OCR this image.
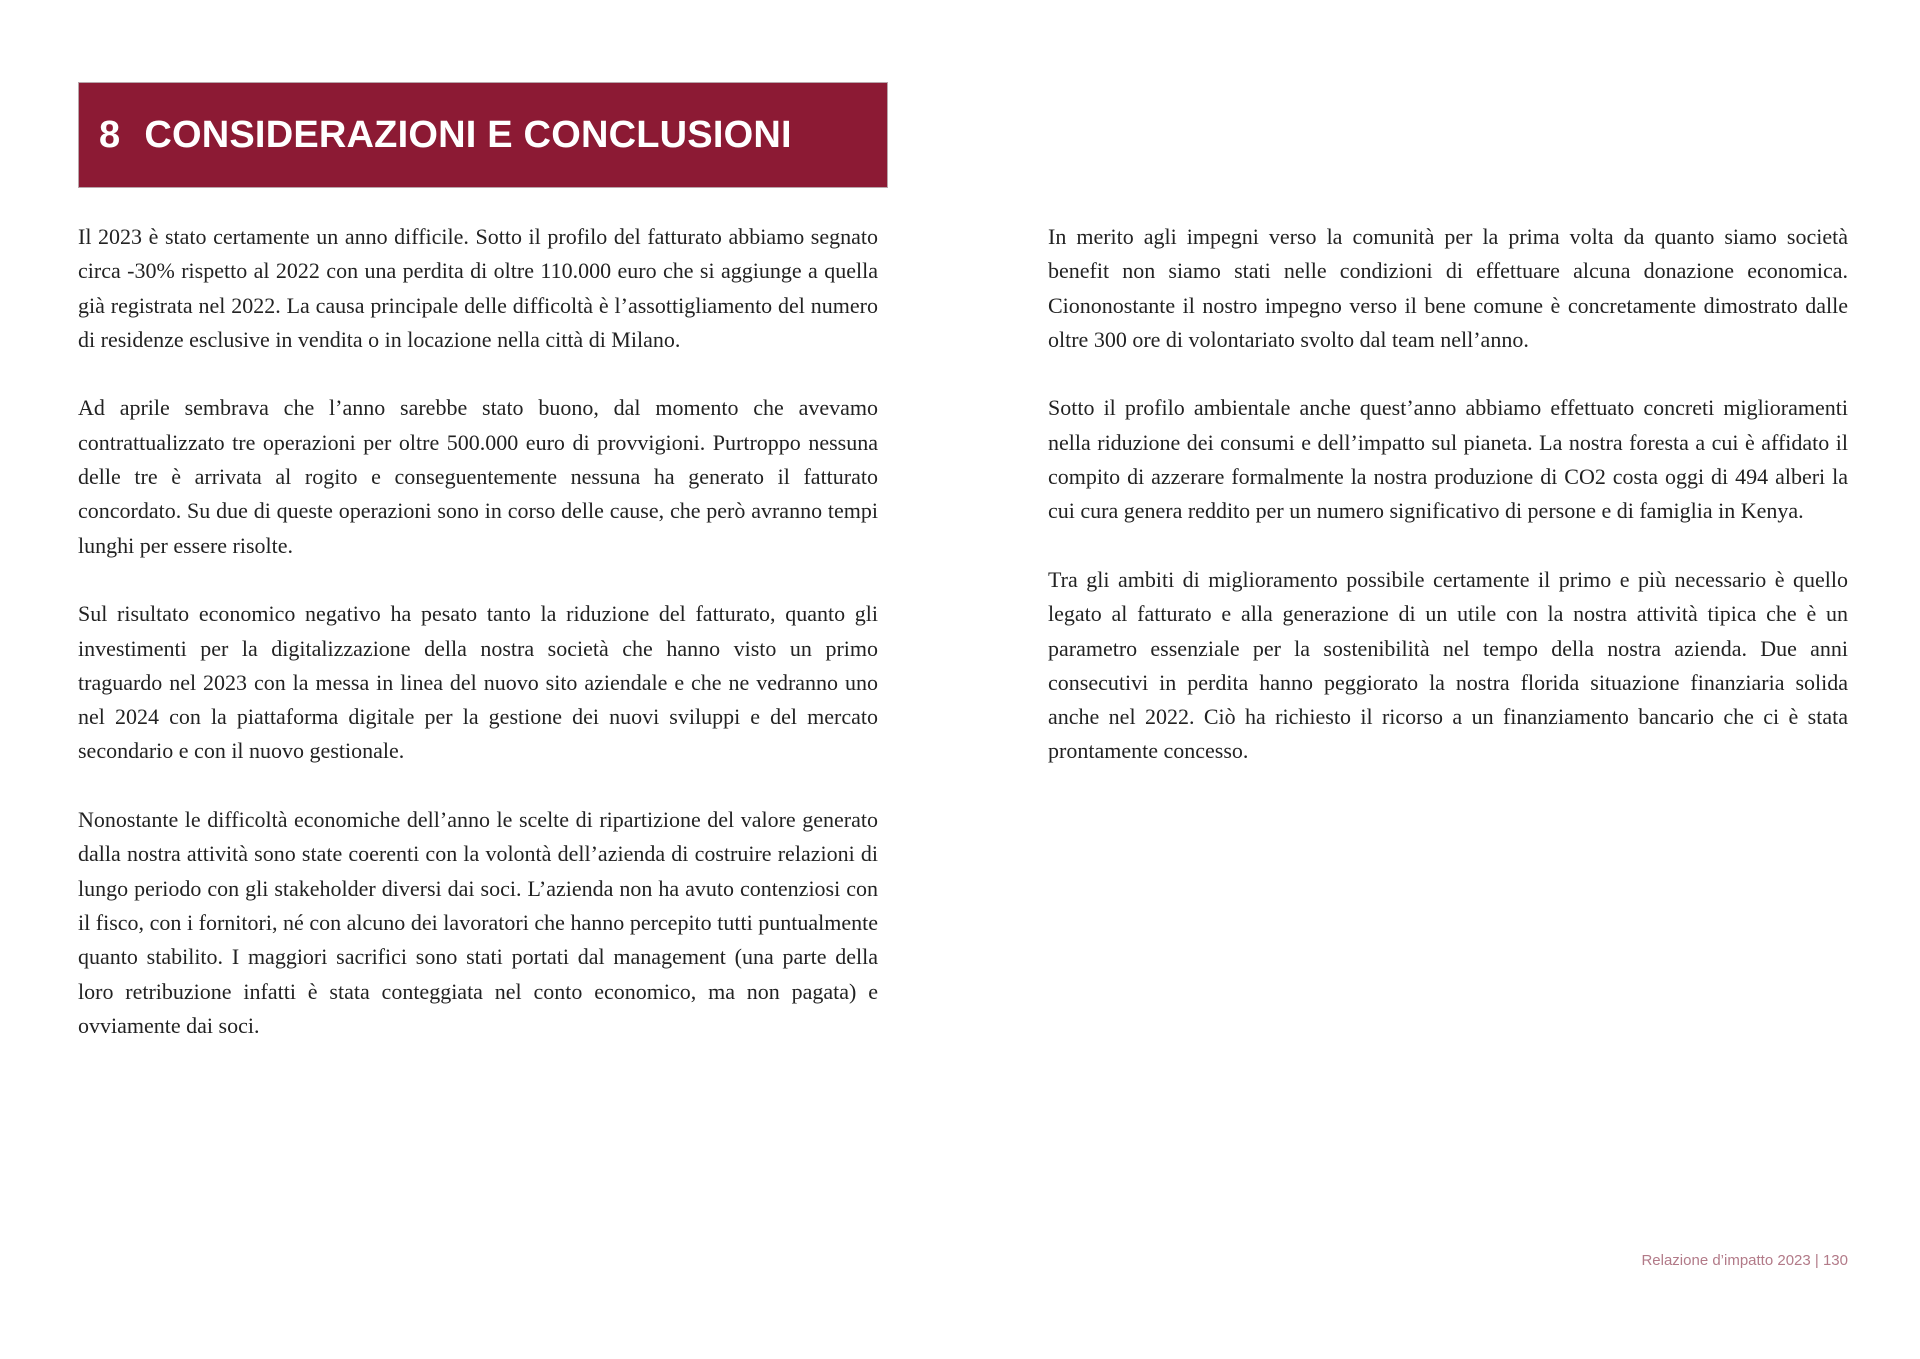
8 CONSIDERAZIONI E CONCLUSIONI

Il 2023 è stato certamente un anno difficile. Sotto il profilo del fatturato abbiamo segnato circa -30% rispetto al 2022 con una perdita di oltre 110.000 euro che si aggiunge a quella già registrata nel 2022. La causa principale delle difficoltà è l’assottigliamento del numero di residenze esclusive in vendita o in locazione nella città di Milano.

Ad aprile sembrava che l’anno sarebbe stato buono, dal momento che avevamo contrattualizzato tre operazioni per oltre 500.000 euro di provvigioni. Purtroppo nessuna delle tre è arrivata al rogito e conseguentemente nessuna ha generato il fatturato concordato. Su due di queste operazioni sono in corso delle cause, che però avranno tempi lunghi per essere risolte.

Sul risultato economico negativo ha pesato tanto la riduzione del fatturato, quanto gli investimenti per la digitalizzazione della nostra società che hanno visto un primo traguardo nel 2023 con la messa in linea del nuovo sito aziendale e che ne vedranno uno nel 2024 con la piattaforma digitale per la gestione dei nuovi sviluppi e del mercato secondario e con il nuovo gestionale.

Nonostante le difficoltà economiche dell’anno le scelte di ripartizione del valore generato dalla nostra attività sono state coerenti con la volontà dell’azienda di costruire relazioni di lungo periodo con gli stakeholder diversi dai soci. L’azienda non ha avuto contenziosi con il fisco, con i fornitori, né con alcuno dei lavoratori che hanno percepito tutti puntualmente quanto stabilito. I maggiori sacrifici sono stati portati dal management (una parte della loro retribuzione infatti è stata conteggiata nel conto economico, ma non pagata) e ovviamente dai soci.

In merito agli impegni verso la comunità per la prima volta da quanto siamo società benefit non siamo stati nelle condizioni di effettuare alcuna donazione economica. Ciononostante il nostro impegno verso il bene comune è concretamente dimostrato dalle oltre 300 ore di volontariato svolto dal team nell’anno.

Sotto il profilo ambientale anche quest’anno abbiamo effettuato concreti miglioramenti nella riduzione dei consumi e dell’impatto sul pianeta. La nostra foresta a cui è affidato il compito di azzerare formalmente la nostra produzione di CO2 costa oggi di 494 alberi la cui cura genera reddito per un numero significativo di persone e di famiglia in Kenya.

Tra gli ambiti di miglioramento possibile certamente il primo e più necessario è quello legato al fatturato e alla generazione di un utile con la nostra attività tipica che è un parametro essenziale per la sostenibilità nel tempo della nostra azienda. Due anni consecutivi in perdita hanno peggiorato la nostra florida situazione finanziaria solida anche nel 2022. Ciò ha richiesto il ricorso a un finanziamento bancario che ci è stata prontamente concesso.

Relazione d’impatto 2023 | 130
